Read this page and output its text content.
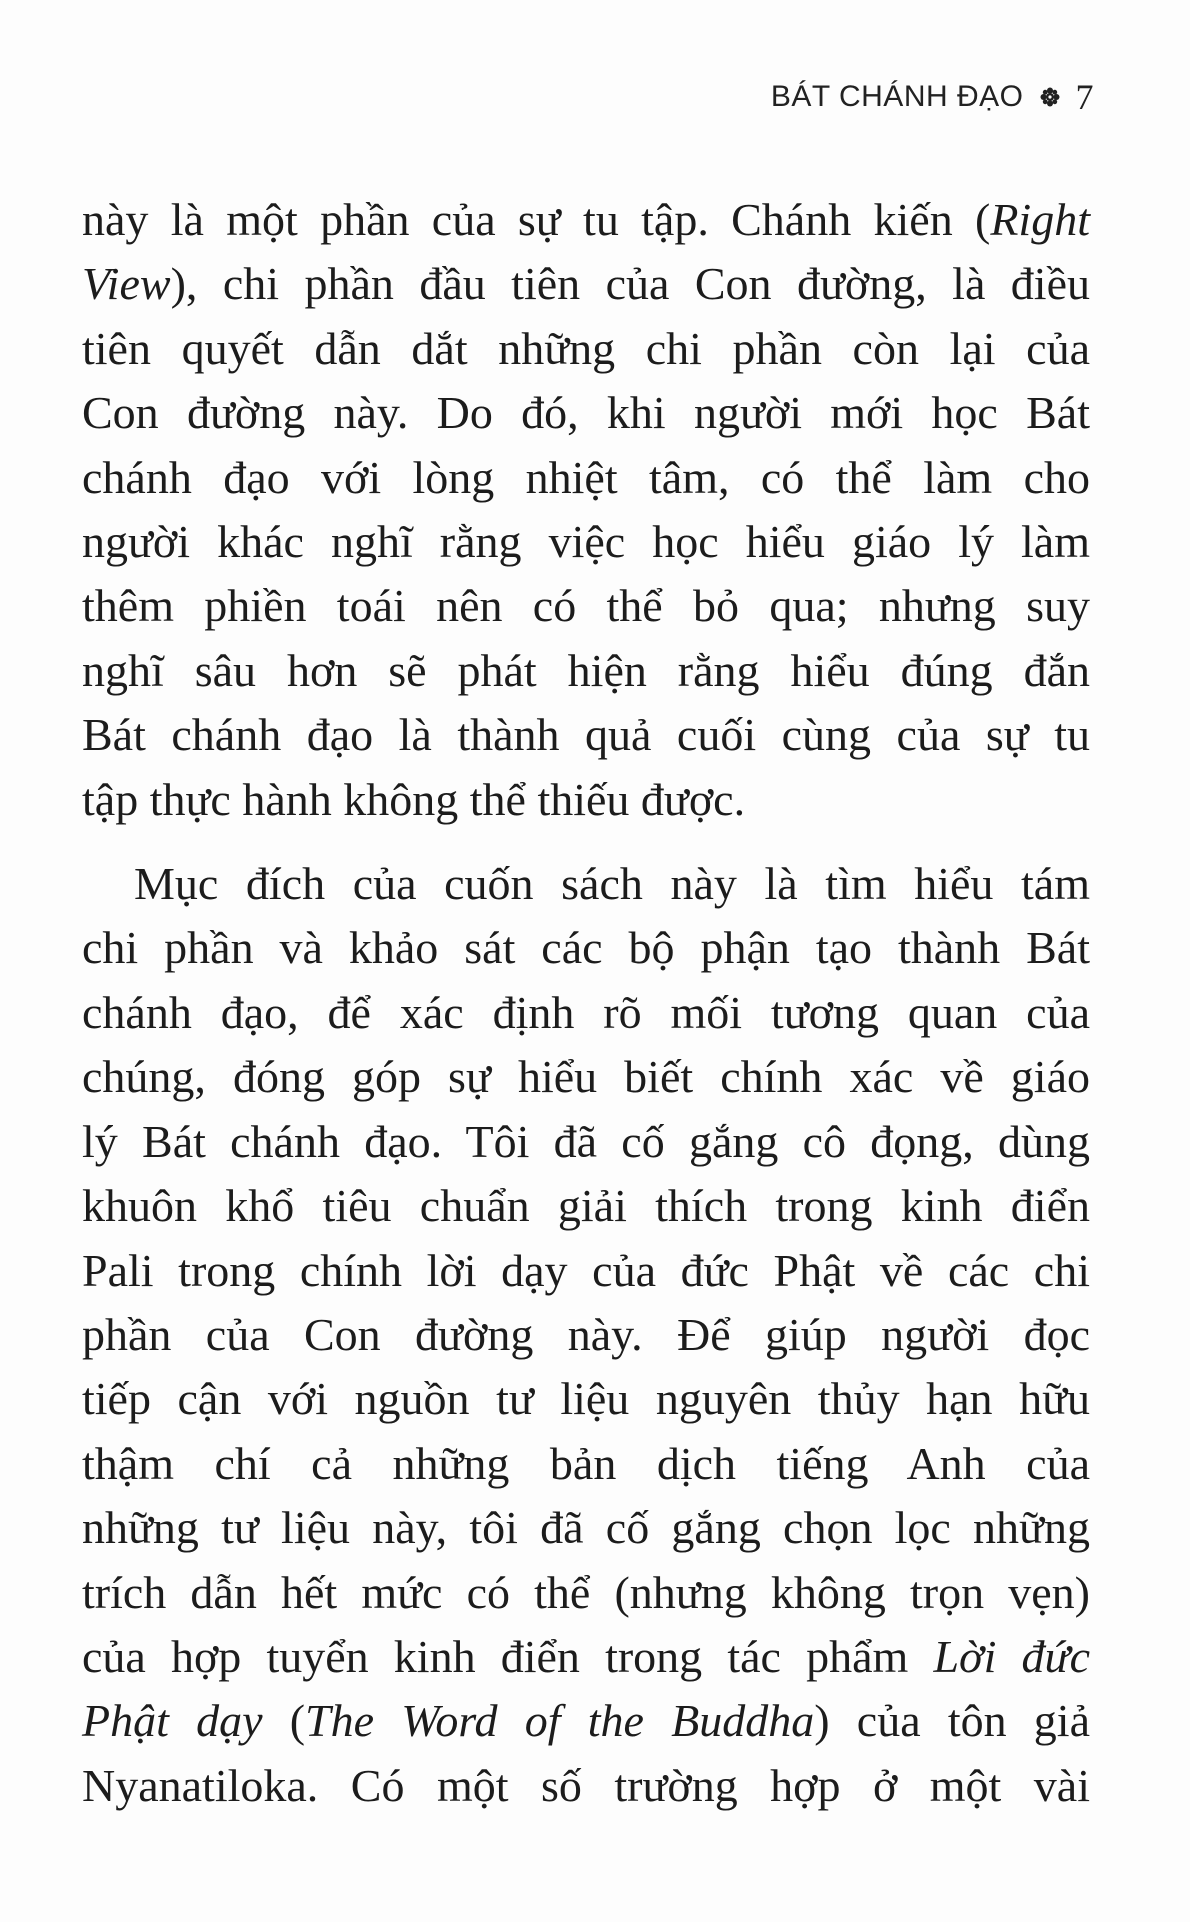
BÁT CHÁNH ĐẠO 7

này là một phần của sự tu tập. Chánh kiến (Right
View), chi phần đầu tiên của Con đường, là điều
tiên quyết dẫn dắt những chi phần còn lại của
Con đường này. Do đó, khi người mới học Bát
chánh đạo với lòng nhiệt tâm, có thể làm cho
người khác nghĩ rằng việc học hiểu giáo lý làm
thêm phiền toái nên có thể bỏ qua; nhưng suy
nghĩ sâu hơn sẽ phát hiện rằng hiểu đúng đắn
Bát chánh đạo là thành quả cuối cùng của sự tu
tập thực hành không thể thiếu được.

Mục đích của cuốn sách này là tìm hiểu tám
chi phần và khảo sát các bộ phận tạo thành Bát
chánh đạo, để xác định rõ mối tương quan của
chúng, đóng góp sự hiểu biết chính xác về giáo
lý Bát chánh đạo. Tôi đã cố gắng cô đọng, dùng
khuôn khổ tiêu chuẩn giải thích trong kinh điển
Pali trong chính lời dạy của đức Phật về các chi
phần của Con đường này. Để giúp người đọc
tiếp cận với nguồn tư liệu nguyên thủy hạn hữu
thậm chí cả những bản dịch tiếng Anh của
những tư liệu này, tôi đã cố gắng chọn lọc những
trích dẫn hết mức có thể (nhưng không trọn vẹn)
của hợp tuyển kinh điển trong tác phẩm Lời đức
Phật dạy (The Word of the Buddha) của tôn giả
Nyanatiloka. Có một số trường hợp ở một vài
